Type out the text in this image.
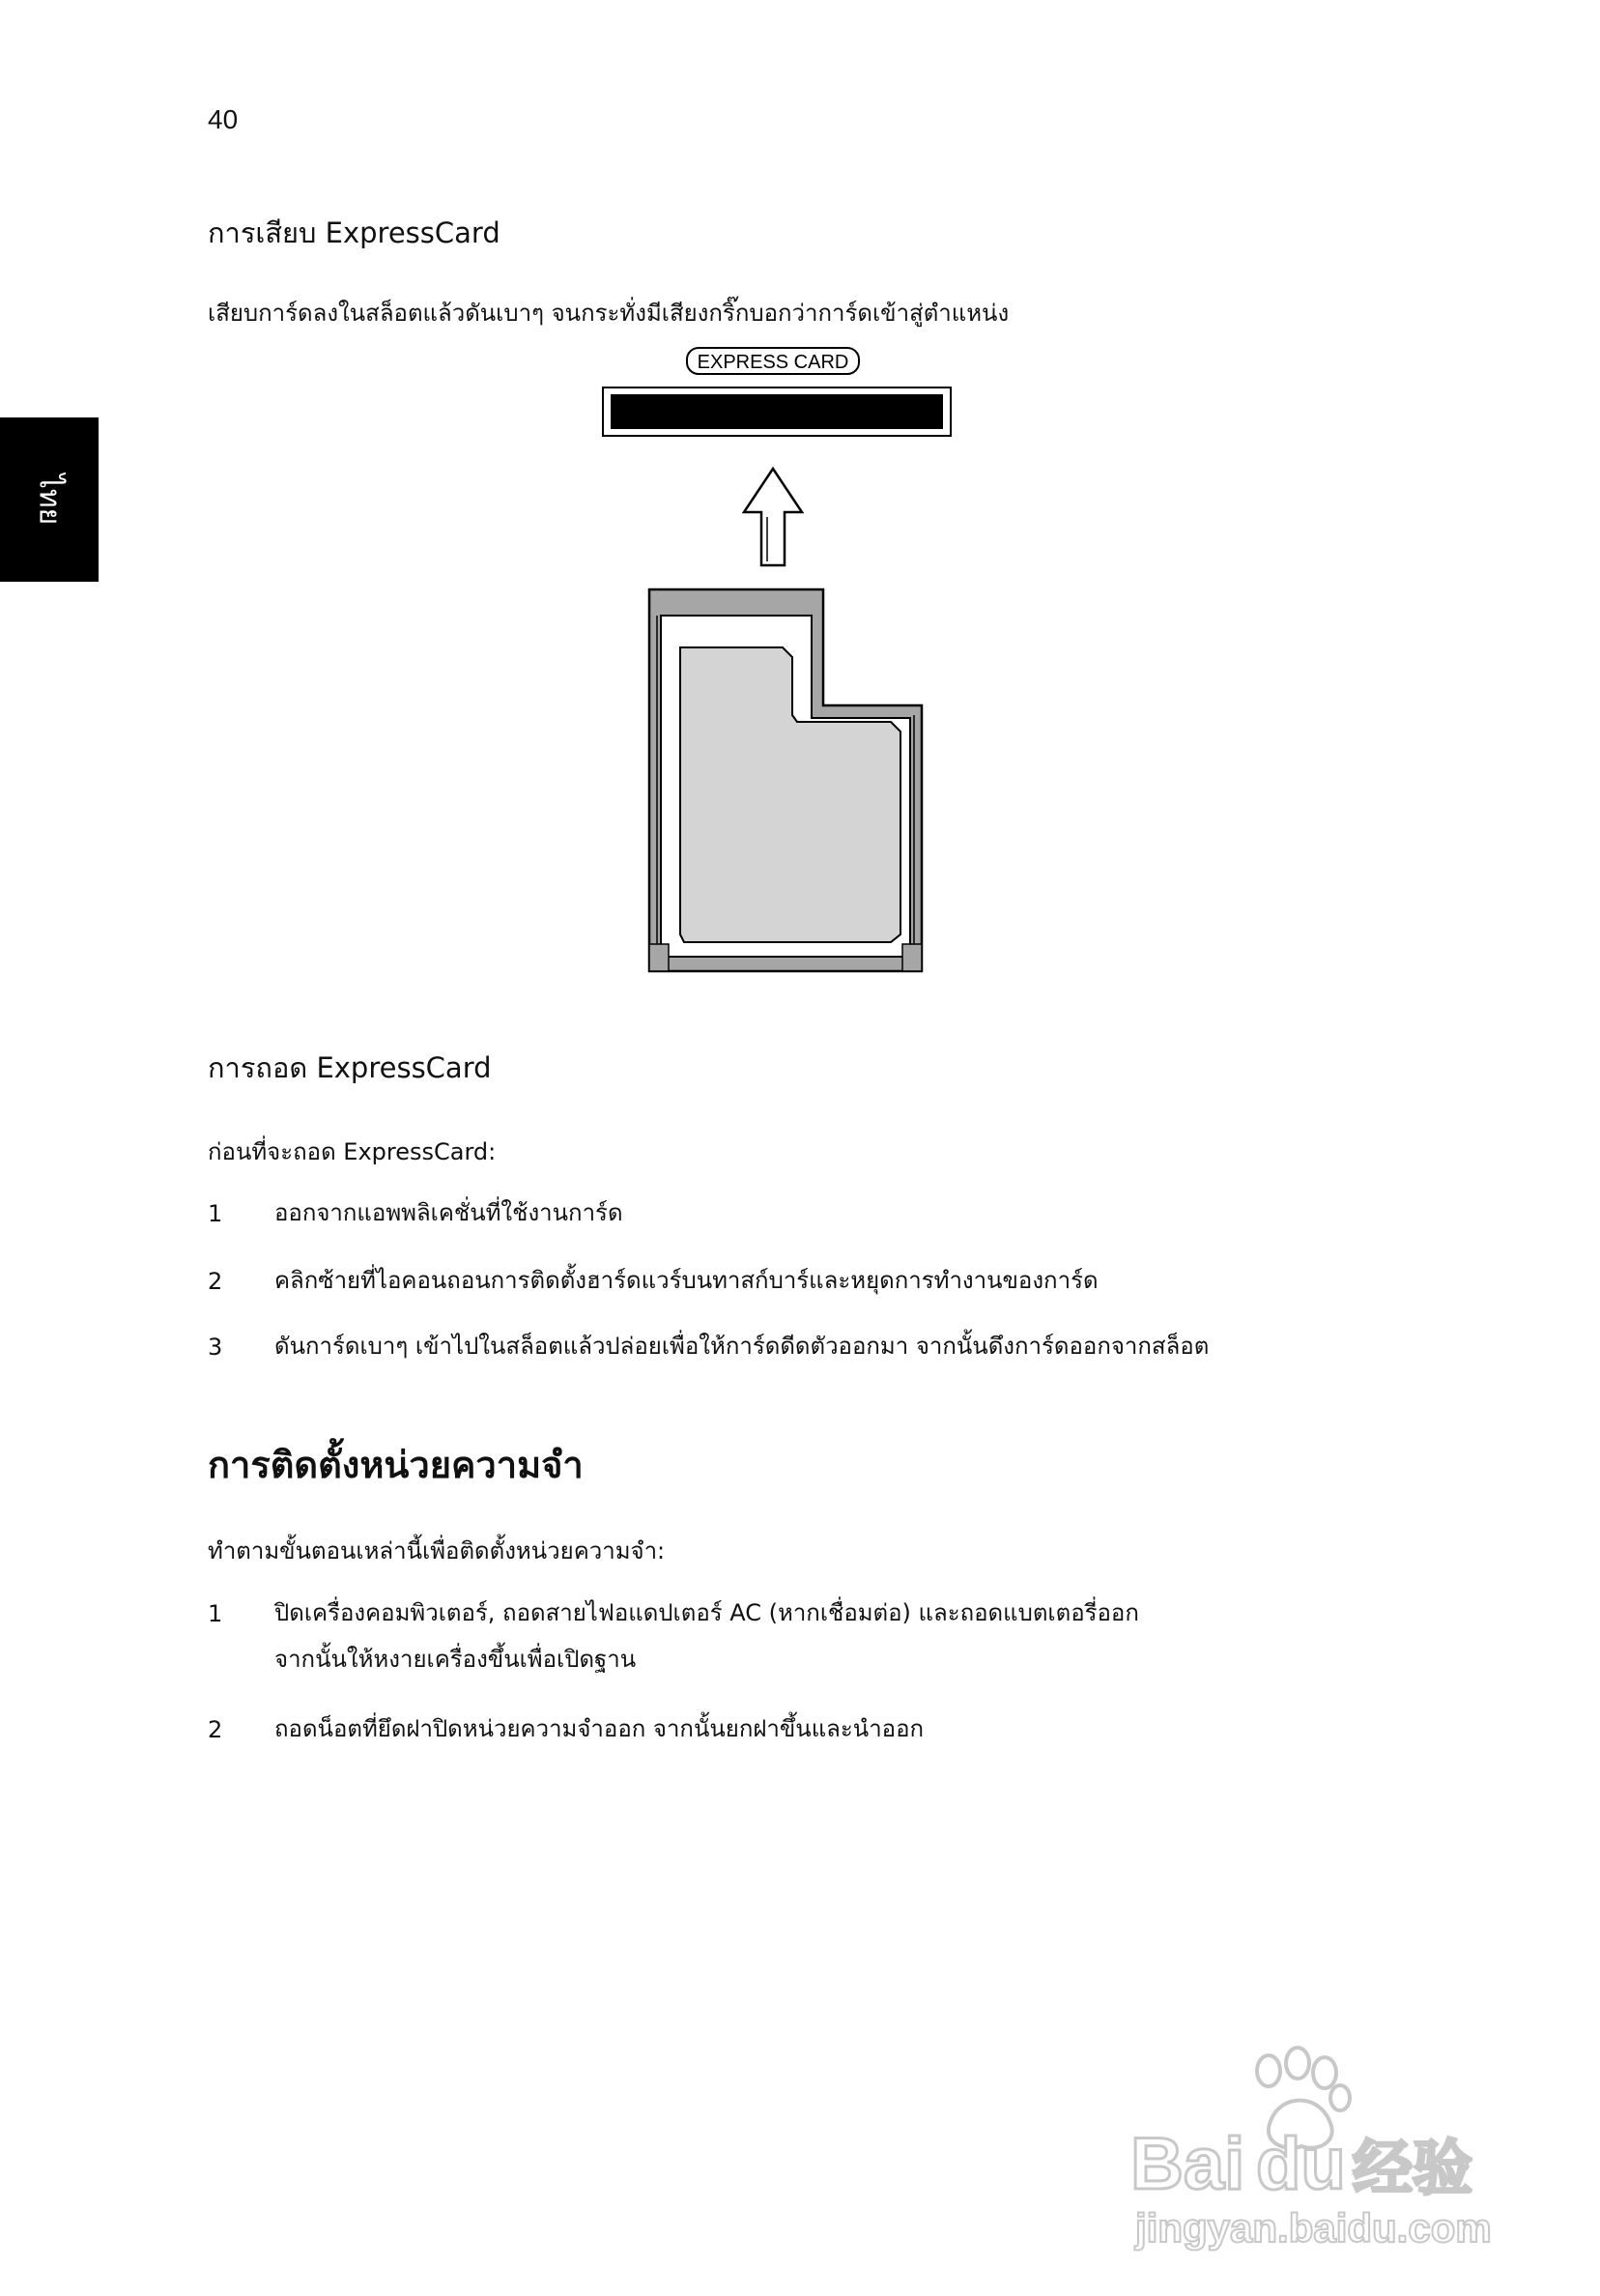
40
ไทย
การเสียบ ExpressCard
เสียบการ์ดลงในสล็อตแล้วดันเบาๆ จนกระทั่งมีเสียงกริ๊กบอกว่าการ์ดเข้าสู่ตำแหน่ง
EXPRESS CARD
การถอด ExpressCard
ก่อนที่จะถอด ExpressCard:
1 ออกจากแอพพลิเคชั่นที่ใช้งานการ์ด
2 คลิกซ้ายที่ไอคอนถอนการติดตั้งฮาร์ดแวร์บนทาสก์บาร์และหยุดการทำงานของการ์ด
3 ดันการ์ดเบาๆ เข้าไปในสล็อตแล้วปล่อยเพื่อให้การ์ดดีดตัวออกมา จากนั้นดึงการ์ดออกจากสล็อต
การติดตั้งหน่วยความจำ
ทำตามขั้นตอนเหล่านี้เพื่อติดตั้งหน่วยความจำ:
1 ปิดเครื่องคอมพิวเตอร์, ถอดสายไฟอแดปเตอร์ AC (หากเชื่อมต่อ) และถอดแบตเตอรี่ออก
จากนั้นให้หงายเครื่องขึ้นเพื่อเปิดฐาน
2 ถอดน็อตที่ยึดฝาปิดหน่วยความจำออก จากนั้นยกฝาขึ้นและนำออก
Bai du 经验
jingyan.baidu.com
